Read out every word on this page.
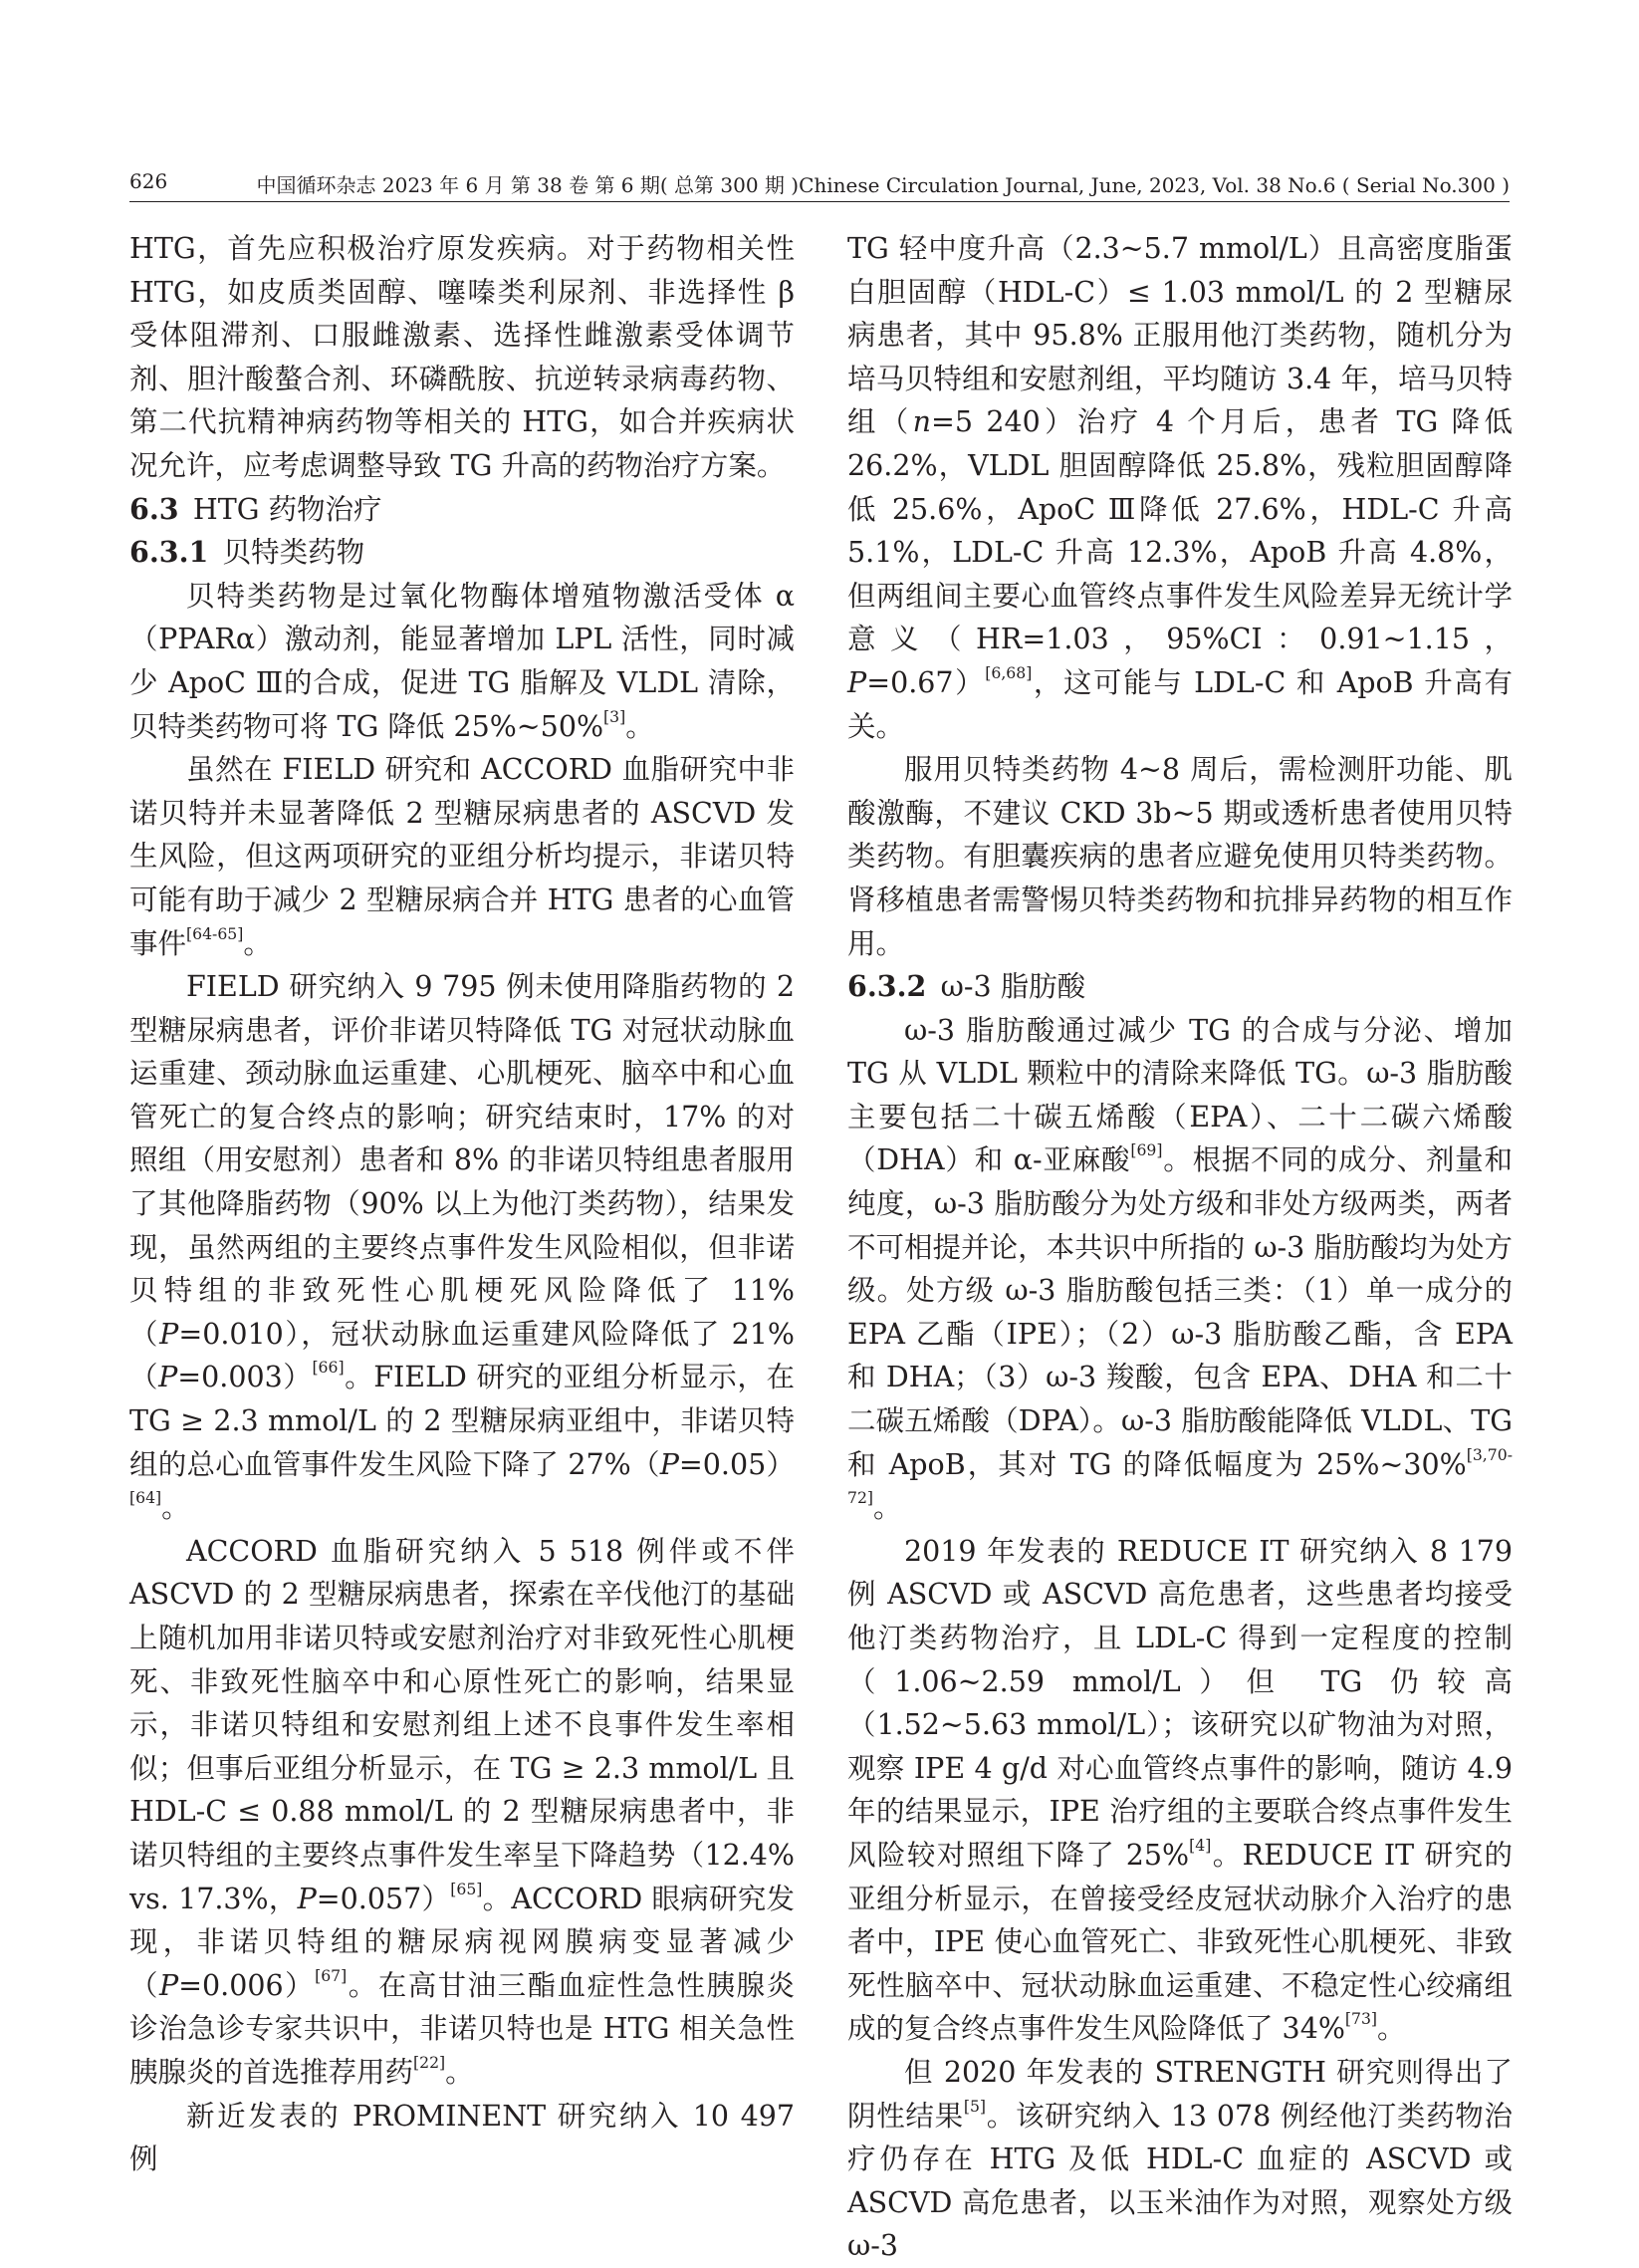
626	中国循环杂志 2023 年 6 月 第 38 卷 第 6 期( 总第 300 期 )Chinese Circulation Journal, June, 2023, Vol. 38 No.6 ( Serial No.300 )

HTG，首先应积极治疗原发疾病。对于药物相关性HTG，如皮质类固醇、噻嗪类利尿剂、非选择性 β 受体阻滞剂、口服雌激素、选择性雌激素受体调节剂、胆汁酸螯合剂、环磷酰胺、抗逆转录病毒药物、第二代抗精神病药物等相关的 HTG，如合并疾病状况允许，应考虑调整导致 TG 升高的药物治疗方案。

6.3 HTG 药物治疗
6.3.1 贝特类药物

贝特类药物是过氧化物酶体增殖物激活受体 α（PPARα）激动剂，能显著增加 LPL 活性，同时减少 ApoC Ⅲ的合成，促进 TG 脂解及 VLDL 清除，贝特类药物可将 TG 降低 25%~50%[3]。

虽然在 FIELD 研究和 ACCORD 血脂研究中非诺贝特并未显著降低 2 型糖尿病患者的 ASCVD 发生风险，但这两项研究的亚组分析均提示，非诺贝特可能有助于减少 2 型糖尿病合并 HTG 患者的心血管事件[64-65]。

FIELD 研究纳入 9 795 例未使用降脂药物的 2 型糖尿病患者，评价非诺贝特降低 TG 对冠状动脉血运重建、颈动脉血运重建、心肌梗死、脑卒中和心血管死亡的复合终点的影响；研究结束时，17% 的对照组（用安慰剂）患者和 8% 的非诺贝特组患者服用了其他降脂药物（90% 以上为他汀类药物），结果发现，虽然两组的主要终点事件发生风险相似，但非诺贝特组的非致死性心肌梗死风险降低了 11%（P=0.010），冠状动脉血运重建风险降低了 21%（P=0.003）[66]。FIELD 研究的亚组分析显示，在 TG ≥ 2.3 mmol/L 的 2 型糖尿病亚组中，非诺贝特组的总心血管事件发生风险下降了 27%（P=0.05）[64]。

ACCORD 血脂研究纳入 5 518 例伴或不伴 ASCVD 的 2 型糖尿病患者，探索在辛伐他汀的基础上随机加用非诺贝特或安慰剂治疗对非致死性心肌梗死、非致死性脑卒中和心原性死亡的影响，结果显示，非诺贝特组和安慰剂组上述不良事件发生率相似；但事后亚组分析显示，在 TG ≥ 2.3 mmol/L 且 HDL-C ≤ 0.88 mmol/L 的 2 型糖尿病患者中，非诺贝特组的主要终点事件发生率呈下降趋势（12.4% vs. 17.3%，P=0.057）[65]。ACCORD 眼病研究发现，非诺贝特组的糖尿病视网膜病变显著减少（P=0.006）[67]。在高甘油三酯血症性急性胰腺炎诊治急诊专家共识中，非诺贝特也是 HTG 相关急性胰腺炎的首选推荐用药[22]。

新近发表的 PROMINENT 研究纳入 10 497 例

TG 轻中度升高（2.3~5.7 mmol/L）且高密度脂蛋白胆固醇（HDL-C）≤ 1.03 mmol/L 的 2 型糖尿病患者，其中 95.8% 正服用他汀类药物，随机分为培马贝特组和安慰剂组，平均随访 3.4 年，培马贝特组（n=5 240）治疗 4 个月后，患者 TG 降低 26.2%，VLDL 胆固醇降低 25.8%，残粒胆固醇降低 25.6%，ApoC Ⅲ降低 27.6%，HDL-C 升高 5.1%，LDL-C 升高 12.3%，ApoB 升高 4.8%，但两组间主要心血管终点事件发生风险差异无统计学意义（HR=1.03，95%CI：0.91~1.15，P=0.67）[6,68]，这可能与 LDL-C 和 ApoB 升高有关。

服用贝特类药物 4~8 周后，需检测肝功能、肌酸激酶，不建议 CKD 3b~5 期或透析患者使用贝特类药物。有胆囊疾病的患者应避免使用贝特类药物。肾移植患者需警惕贝特类药物和抗排异药物的相互作用。

6.3.2 ω-3 脂肪酸

ω-3 脂肪酸通过减少 TG 的合成与分泌、增加 TG 从 VLDL 颗粒中的清除来降低 TG。ω-3 脂肪酸主要包括二十碳五烯酸（EPA）、二十二碳六烯酸（DHA）和 α-亚麻酸[69]。根据不同的成分、剂量和纯度，ω-3 脂肪酸分为处方级和非处方级两类，两者不可相提并论，本共识中所指的 ω-3 脂肪酸均为处方级。处方级 ω-3 脂肪酸包括三类：（1）单一成分的 EPA 乙酯（IPE）；（2）ω-3 脂肪酸乙酯，含 EPA 和 DHA；（3）ω-3 羧酸，包含 EPA、DHA 和二十二碳五烯酸（DPA）。ω-3 脂肪酸能降低 VLDL、TG 和 ApoB，其对 TG 的降低幅度为 25%~30%[3,70-72]。

2019 年发表的 REDUCE IT 研究纳入 8 179 例 ASCVD 或 ASCVD 高危患者，这些患者均接受他汀类药物治疗，且 LDL-C 得到一定程度的控制（1.06~2.59 mmol/L）但 TG 仍较高（1.52~5.63 mmol/L）；该研究以矿物油为对照，观察 IPE 4 g/d 对心血管终点事件的影响，随访 4.9 年的结果显示，IPE 治疗组的主要联合终点事件发生风险较对照组下降了 25%[4]。REDUCE IT 研究的亚组分析显示，在曾接受经皮冠状动脉介入治疗的患者中，IPE 使心血管死亡、非致死性心肌梗死、非致死性脑卒中、冠状动脉血运重建、不稳定性心绞痛组成的复合终点事件发生风险降低了 34%[73]。

但 2020 年发表的 STRENGTH 研究则得出了阴性结果[5]。该研究纳入 13 078 例经他汀类药物治疗仍存在 HTG 及低 HDL-C 血症的 ASCVD 或 ASCVD 高危患者，以玉米油作为对照，观察处方级 ω-3
